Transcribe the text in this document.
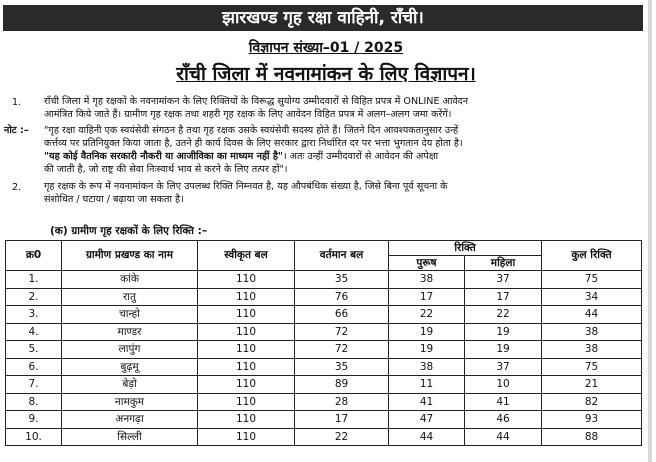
झारखण्ड गृह रक्षा वाहिनी, राँची।
विज्ञापन संख्या–01 / 2025
राँची जिला में नवनामांकन के लिए विज्ञापन।
1. राँची जिला में गृह रक्षकों के नवनामांकन के लिए रिक्तियों के विरूद्ध सुयोग्य उम्मीदवारों से विहित प्रपत्र में ONLINE आवेदन
आमंत्रित किये जाते हैं। ग्रामीण गृह रक्षक तथा शहरी गृह रक्षक के लिए आवेदन विहित प्रपत्र में अलग–अलग जमा करेंगें।
नोट :– "गृह रक्षा वाहिनी एक स्वयंसेवी संगठन है तथा गृह रक्षक उसके स्वयंसेवी सदस्य होते हैं। जितने दिन आवश्यकतानुसार उन्हें
कर्त्तव्य पर प्रतिनियुक्त किया जाता है, उतने ही कार्य दिवस के लिए सरकार द्वारा निर्धारित दर पर भत्ता भुगतान देय होता है।
"यह कोई वैतनिक सरकारी नौकरी या आजीविका का माध्यम नहीं है"। अतः उन्हीं उम्मीदवारों से आवेदन की अपेक्षा
की जाती है, जो राष्ट्र की सेवा निःस्वार्थ भाव से करने के लिए तत्पर हों"।
2. गृह रक्षक के रूप में नवनामांकन के लिए उपलब्ध रिक्ति निम्नवत है, यह औपबंधिक संख्या है, जिसे बिना पूर्व सूचना के
संशोधित / घटाया / बढ़ाया जा सकता है।
(क) ग्रामीण गृह रक्षकों के लिए रिक्ति :–
क्र0	ग्रामीण प्रखण्ड का नाम	स्वीकृत बल	वर्तमान बल	रिक्ति		कुल रिक्ति
				पुरूष	महिला	
1.	कांके	110	35	38	37	75
2.	रातु	110	76	17	17	34
3.	चान्हो	110	66	22	22	44
4.	माण्डर	110	72	19	19	38
5.	लापुंग	110	72	19	19	38
6.	बुढ़मू	110	35	38	37	75
7.	बेड़ो	110	89	11	10	21
8.	नामकुम	110	28	41	41	82
9.	अनगढ़ा	110	17	47	46	93
10.	सिल्ली	110	22	44	44	88
